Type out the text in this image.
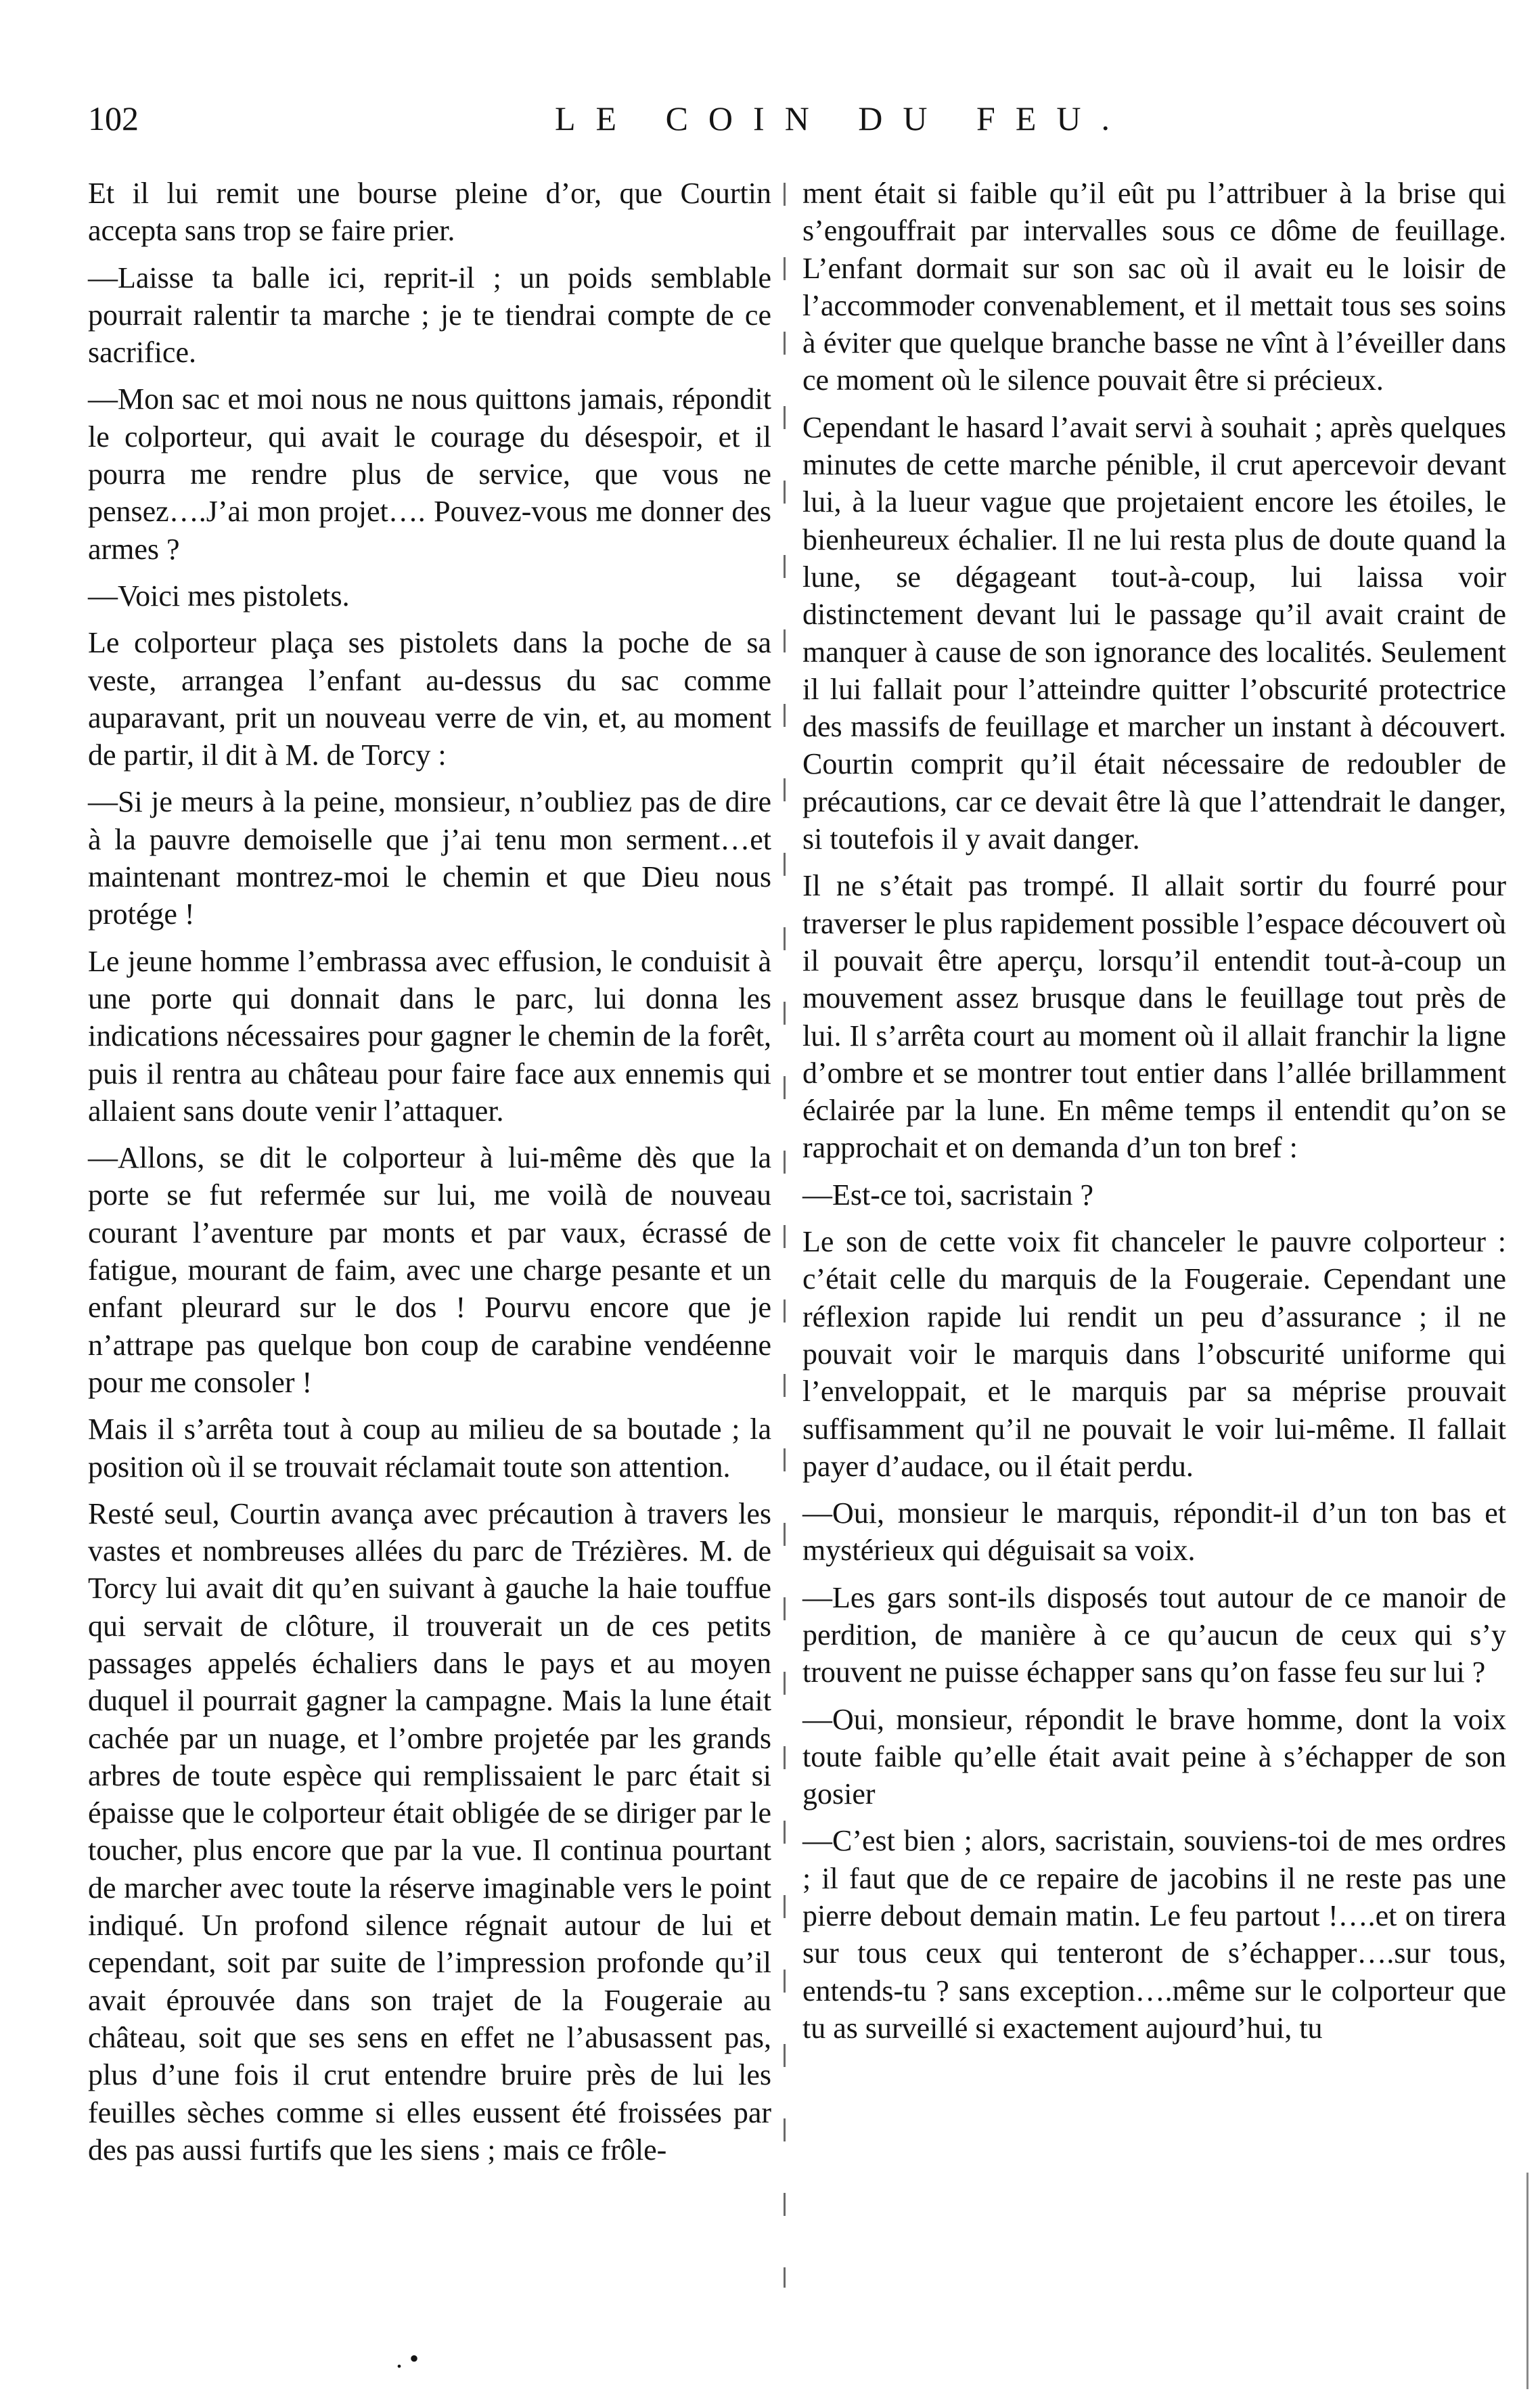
102	LE COIN DU FEU.

Et il lui remit une bourse pleine d’or, que Courtin accepta sans trop se faire prier.

—Laisse ta balle ici, reprit-il ; un poids semblable pourrait ralentir ta marche ; je te tiendrai compte de ce sacrifice.

—Mon sac et moi nous ne nous quittons jamais, répondit le colporteur, qui avait le courage du désespoir, et il pourra me rendre plus de service, que vous ne pensez….J’ai mon projet…. Pouvez-vous me donner des armes ?

—Voici mes pistolets.

Le colporteur plaça ses pistolets dans la poche de sa veste, arrangea l’enfant au-dessus du sac comme auparavant, prit un nouveau verre de vin, et, au moment de partir, il dit à M. de Torcy :

—Si je meurs à la peine, monsieur, n’oubliez pas de dire à la pauvre demoiselle que j’ai tenu mon serment…et maintenant montrez-moi le chemin et que Dieu nous protége !

Le jeune homme l’embrassa avec effusion, le conduisit à une porte qui donnait dans le parc, lui donna les indications nécessaires pour gagner le chemin de la forêt, puis il rentra au château pour faire face aux ennemis qui allaient sans doute venir l’attaquer.

—Allons, se dit le colporteur à lui-même dès que la porte se fut refermée sur lui, me voilà de nouveau courant l’aventure par monts et par vaux, écrassé de fatigue, mourant de faim, avec une charge pesante et un enfant pleurard sur le dos ! Pourvu encore que je n’attrape pas quelque bon coup de carabine vendéenne pour me consoler !

Mais il s’arrêta tout à coup au milieu de sa boutade ; la position où il se trouvait réclamait toute son attention.

Resté seul, Courtin avança avec précaution à travers les vastes et nombreuses allées du parc de Trézières. M. de Torcy lui avait dit qu’en suivant à gauche la haie touffue qui servait de clôture, il trouverait un de ces petits passages appelés échaliers dans le pays et au moyen duquel il pourrait gagner la campagne. Mais la lune était cachée par un nuage, et l’ombre projetée par les grands arbres de toute espèce qui remplissaient le parc était si épaisse que le colporteur était obligée de se diriger par le toucher, plus encore que par la vue. Il continua pourtant de marcher avec toute la réserve imaginable vers le point indiqué. Un profond silence régnait autour de lui et cependant, soit par suite de l’impression profonde qu’il avait éprouvée dans son trajet de la Fougeraie au château, soit que ses sens en effet ne l’abusassent pas, plus d’une fois il crut entendre bruire près de lui les feuilles sèches comme si elles eussent été froissées par des pas aussi furtifs que les siens ; mais ce frôle-

ment était si faible qu’il eût pu l’attribuer à la brise qui s’engouffrait par intervalles sous ce dôme de feuillage. L’enfant dormait sur son sac où il avait eu le loisir de l’accommoder convenablement, et il mettait tous ses soins à éviter que quelque branche basse ne vînt à l’éveiller dans ce moment où le silence pouvait être si précieux.

Cependant le hasard l’avait servi à souhait ; après quelques minutes de cette marche pénible, il crut apercevoir devant lui, à la lueur vague que projetaient encore les étoiles, le bienheureux échalier. Il ne lui resta plus de doute quand la lune, se dégageant tout-à-coup, lui laissa voir distinctement devant lui le passage qu’il avait craint de manquer à cause de son ignorance des localités. Seulement il lui fallait pour l’atteindre quitter l’obscurité protectrice des massifs de feuillage et marcher un instant à découvert. Courtin comprit qu’il était nécessaire de redoubler de précautions, car ce devait être là que l’attendrait le danger, si toutefois il y avait danger.

Il ne s’était pas trompé. Il allait sortir du fourré pour traverser le plus rapidement possible l’espace découvert où il pouvait être aperçu, lorsqu’il entendit tout-à-coup un mouvement assez brusque dans le feuillage tout près de lui. Il s’arrêta court au moment où il allait franchir la ligne d’ombre et se montrer tout entier dans l’allée brillamment éclairée par la lune. En même temps il entendit qu’on se rapprochait et on demanda d’un ton bref :

—Est-ce toi, sacristain ?

Le son de cette voix fit chanceler le pauvre colporteur : c’était celle du marquis de la Fougeraie. Cependant une réflexion rapide lui rendit un peu d’assurance ; il ne pouvait voir le marquis dans l’obscurité uniforme qui l’enveloppait, et le marquis par sa méprise prouvait suffisamment qu’il ne pouvait le voir lui-même. Il fallait payer d’audace, ou il était perdu.

—Oui, monsieur le marquis, répondit-il d’un ton bas et mystérieux qui déguisait sa voix.

—Les gars sont-ils disposés tout autour de ce manoir de perdition, de manière à ce qu’aucun de ceux qui s’y trouvent ne puisse échapper sans qu’on fasse feu sur lui ?

—Oui, monsieur, répondit le brave homme, dont la voix toute faible qu’elle était avait peine à s’échapper de son gosier

—C’est bien ; alors, sacristain, souviens-toi de mes ordres ; il faut que de ce repaire de jacobins il ne reste pas une pierre debout demain matin. Le feu partout !….et on tirera sur tous ceux qui tenteront de s’échapper….sur tous, entends-tu ? sans exception….même sur le colporteur que tu as surveillé si exactement aujourd’hui, tu

. •
